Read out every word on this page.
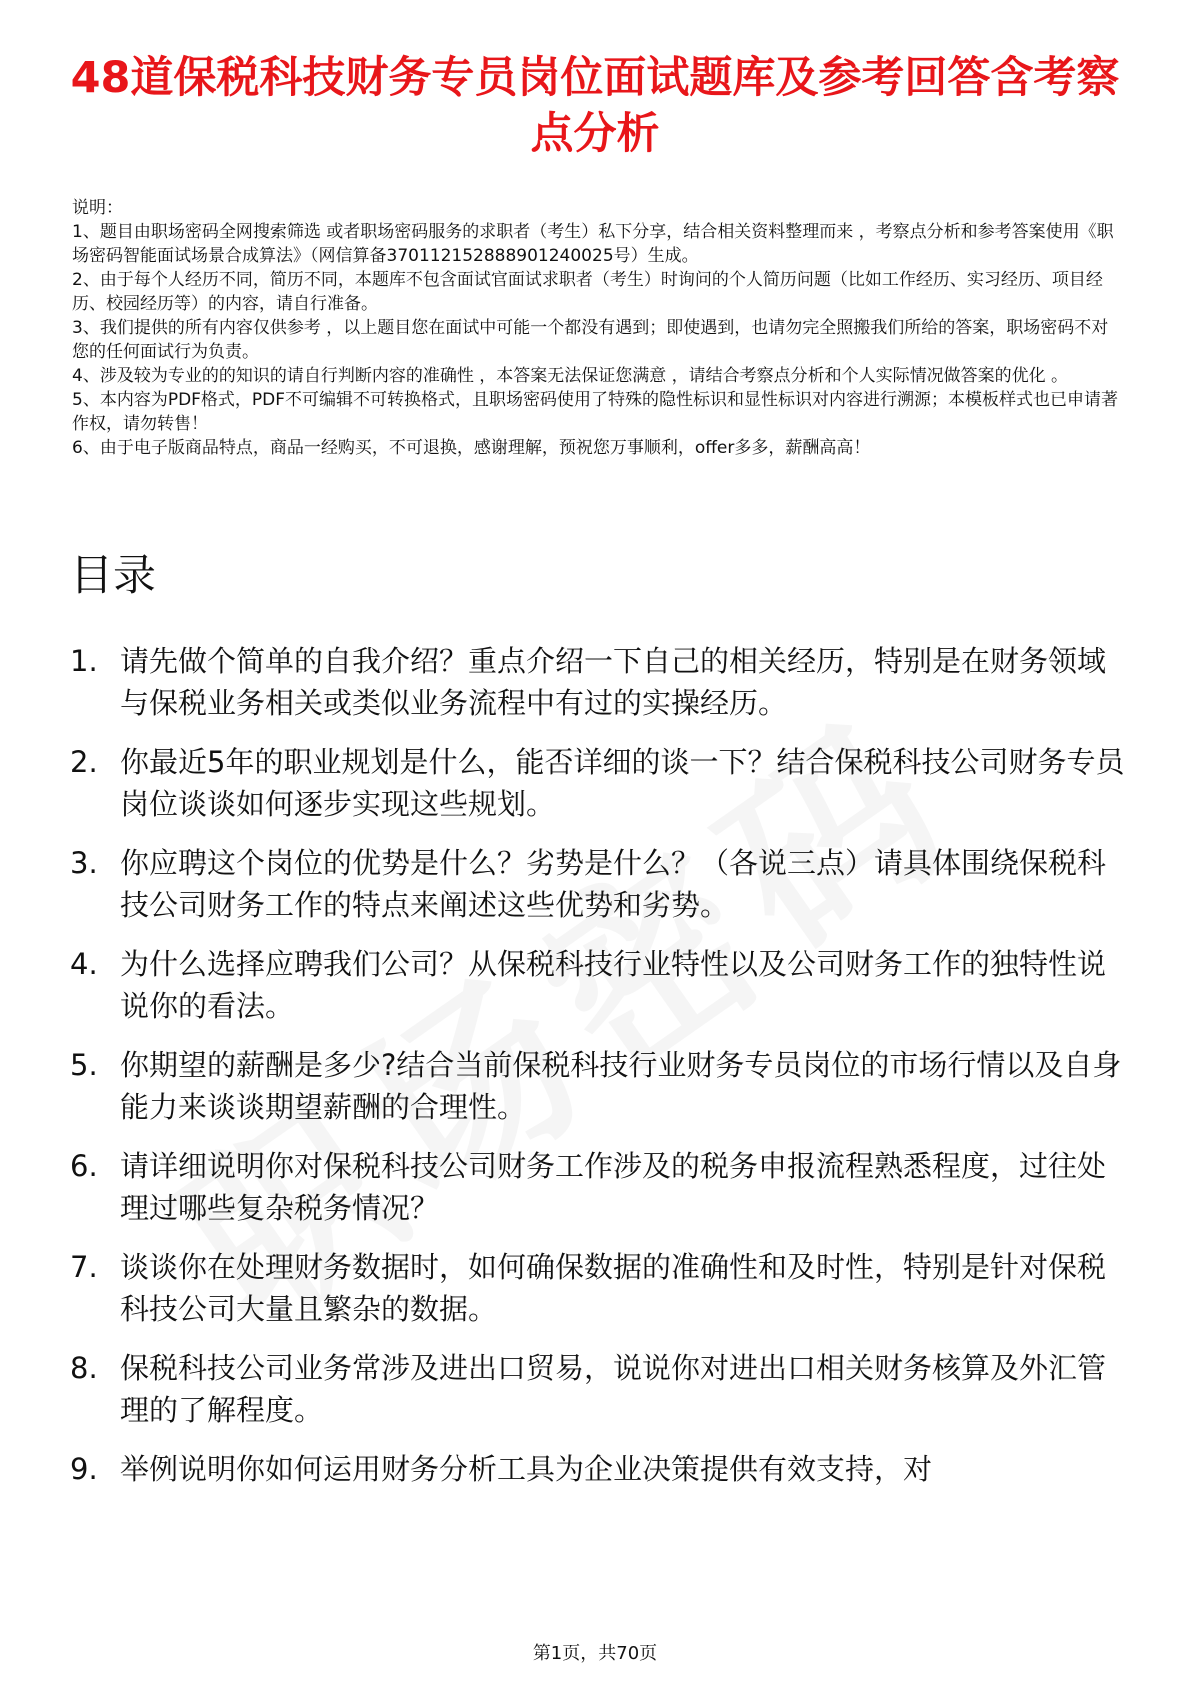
48道保税科技财务专员岗位面试题库及参考回答含考察点分析
说明：
1、题目由职场密码全网搜索筛选 或者职场密码服务的求职者（考生）私下分享，结合相关资料整理而来 ，考察点分析和参考答案使用《职场密码智能面试场景合成算法》（网信算备370112152888901240025号）生成。
2、由于每个人经历不同，简历不同，本题库不包含面试官面试求职者（考生）时询问的个人简历问题（比如工作经历、实习经历、项目经历、校园经历等）的内容，请自行准备。
3、我们提供的所有内容仅供参考 ，以上题目您在面试中可能一个都没有遇到；即使遇到，也请勿完全照搬我们所给的答案，职场密码不对您的任何面试行为负责。
4、涉及较为专业的的知识的请自行判断内容的准确性 ，本答案无法保证您满意 ，请结合考察点分析和个人实际情况做答案的优化 。
5、本内容为PDF格式，PDF不可编辑不可转换格式，且职场密码使用了特殊的隐性标识和显性标识对内容进行溯源；本模板样式也已申请著作权，请勿转售！
6、由于电子版商品特点，商品一经购买，不可退换，感谢理解，预祝您万事顺利，offer多多，薪酬高高！
目录
1. 请先做个简单的自我介绍？重点介绍一下自己的相关经历，特别是在财务领域与保税业务相关或类似业务流程中有过的实操经历。
2. 你最近5年的职业规划是什么，能否详细的谈一下？结合保税科技公司财务专员岗位谈谈如何逐步实现这些规划。
3. 你应聘这个岗位的优势是什么？劣势是什么？（各说三点）请具体围绕保税科技公司财务工作的特点来阐述这些优势和劣势。
4. 为什么选择应聘我们公司？从保税科技行业特性以及公司财务工作的独特性说说你的看法。
5. 你期望的薪酬是多少?结合当前保税科技行业财务专员岗位的市场行情以及自身能力来谈谈期望薪酬的合理性。
6. 请详细说明你对保税科技公司财务工作涉及的税务申报流程熟悉程度，过往处理过哪些复杂税务情况？
7. 谈谈你在处理财务数据时，如何确保数据的准确性和及时性，特别是针对保税科技公司大量且繁杂的数据。
8. 保税科技公司业务常涉及进出口贸易，说说你对进出口相关财务核算及外汇管理的了解程度。
9. 举例说明你如何运用财务分析工具为企业决策提供有效支持，对
第1页，共70页
